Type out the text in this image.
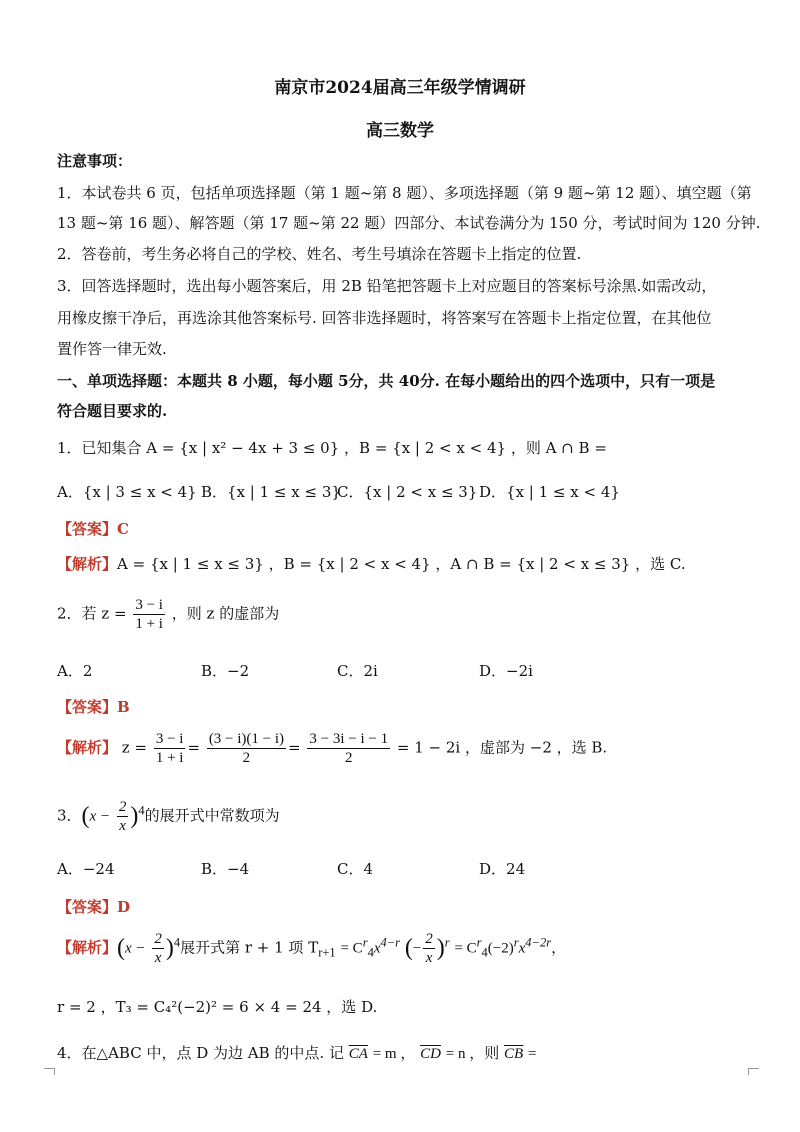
南京市2024届高三年级学情调研
高三数学
注意事项：
1．本试卷共 6 页，包括单项选择题（第 1 题~第 8 题）、多项选择题（第 9 题~第 12 题）、填空题（第
13 题~第 16 题）、解答题（第 17 题~第 22 题）四部分、本试卷满分为 150 分，考试时间为 120 分钟.
2．答卷前，考生务必将自己的学校、姓名、考生号填涂在答题卡上指定的位置.
3．回答选择题时，选出每小题答案后，用 2B 铅笔把答题卡上对应题目的答案标号涂黑.如需改动，
用橡皮擦干净后，再选涂其他答案标号. 回答非选择题时，将答案写在答题卡上指定位置，在其他位
置作答一律无效.
一、单项选择题：本题共 8 小题，每小题 5分，共 40分. 在每小题给出的四个选项中，只有一项是
符合题目要求的.
1．已知集合 A = {x | x² − 4x + 3 ≤ 0} ，B = {x | 2 < x < 4} ，则 A ∩ B =
A．{x | 3 ≤ x < 4} B．{x | 1 ≤ x ≤ 3}C．{x | 2 < x ≤ 3} D．{x | 1 ≤ x < 4}
【答案】C
【解析】A = {x | 1 ≤ x ≤ 3} ，B = {x | 2 < x < 4} ，A ∩ B = {x | 2 < x ≤ 3} ，选 C.
2．若 $z = \frac{3 - i}{1 + i}$ ，则 z 的虚部为
A．2	B．−2	C．2i	D．−2i
【答案】B
【解析】 $z = \frac{3 - i}{1 + i} = \frac{(3 - i)(1 - i)}{2} = \frac{3 - 3i - i - 1}{2} = 1 - 2i$ ，虚部为 −2 ，选 B.
3．$(x - \frac{2}{x} )^4$的展开式中常数项为
A．−24	B．−4	C．4	D．24
【答案】D
【解析】$(x - \frac{2}{x} )^4$展开式第 r + 1 项 $T_{r+1} = C^r_4x^{4-r}$ (− $\frac{2}{x} )^r = C^r_4(-2)^rx^{4-2r}$，
r = 2 ，T₃ = C₄²(−2)² = 6 × 4 = 24 ，选 D.
4．在△ABC 中，点 D 为边 AB 的中点. 记 $\overline{CA} = m$ ， $\overline{CD} = n$ ，则 $\overline{CB}$ =
